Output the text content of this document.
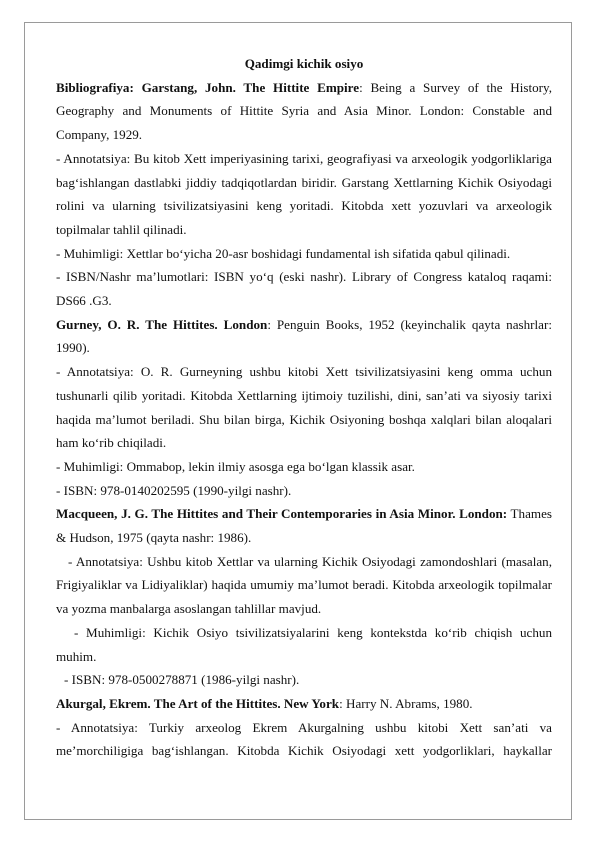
Qadimgi kichik osiyo

Bibliografiya: Garstang, John. The Hittite Empire: Being a Survey of the History, Geography and Monuments of Hittite Syria and Asia Minor. London: Constable and Company, 1929.

- Annotatsiya: Bu kitob Xett imperiyasining tarixi, geografiyasi va arxeologik yodgorliklariga bag‘ishlangan dastlabki jiddiy tadqiqotlardan biridir. Garstang Xettlarning Kichik Osiyodagi rolini va ularning tsivilizatsiyasini keng yoritadi. Kitobda xett yozuvlari va arxeologik topilmalar tahlil qilinadi.

- Muhimligi: Xettlar bo‘yicha 20-asr boshidagi fundamental ish sifatida qabul qilinadi.

- ISBN/Nashr ma’lumotlari: ISBN yo‘q (eski nashr). Library of Congress kataloq raqami: DS66 .G3.

Gurney, O. R. The Hittites. London: Penguin Books, 1952 (keyinchalik qayta nashrlar: 1990).

- Annotatsiya: O. R. Gurneyning ushbu kitobi Xett tsivilizatsiyasini keng omma uchun tushunarli qilib yoritadi. Kitobda Xettlarning ijtimoiy tuzilishi, dini, san’ati va siyosiy tarixi haqida ma’lumot beriladi. Shu bilan birga, Kichik Osiyoning boshqa xalqlari bilan aloqalari ham ko‘rib chiqiladi.

- Muhimligi: Ommabop, lekin ilmiy asosga ega bo‘lgan klassik asar.

- ISBN: 978-0140202595 (1990-yilgi nashr).

Macqueen, J. G. The Hittites and Their Contemporaries in Asia Minor. London: Thames & Hudson, 1975 (qayta nashr: 1986).

- Annotatsiya: Ushbu kitob Xettlar va ularning Kichik Osiyodagi zamondoshlari (masalan, Frigiyaliklar va Lidiyaliklar) haqida umumiy ma’lumot beradi. Kitobda arxeologik topilmalar va yozma manbalarga asoslangan tahlillar mavjud.

- Muhimligi: Kichik Osiyo tsivilizatsiyalarini keng kontekstda ko‘rib chiqish uchun muhim.

- ISBN: 978-0500278871 (1986-yilgi nashr).

Akurgal, Ekrem. The Art of the Hittites. New York: Harry N. Abrams, 1980.

- Annotatsiya: Turkiy arxeolog Ekrem Akurgalning ushbu kitobi Xett san’ati va me’morchiligiga bag‘ishlangan. Kitobda Kichik Osiyodagi xett yodgorliklari, haykallar
